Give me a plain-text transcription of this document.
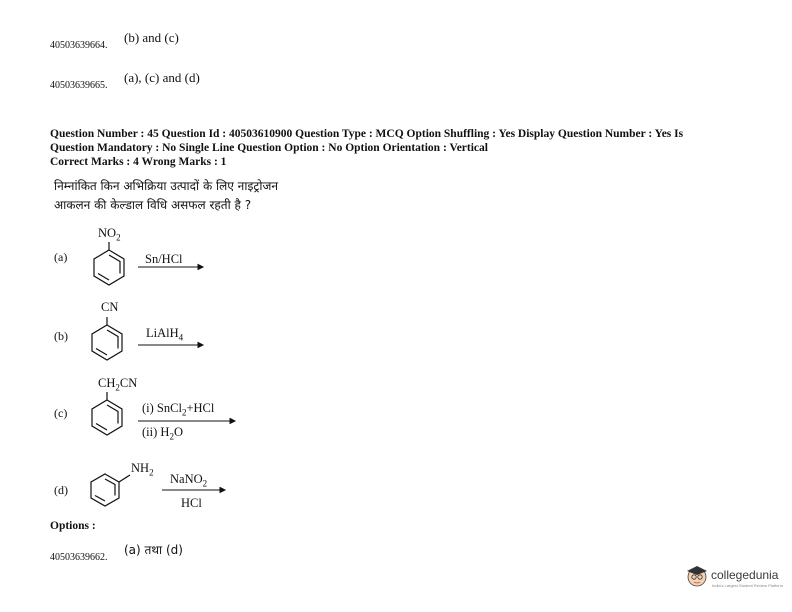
40503639664.
(b) and (c)
40503639665.
(a), (c) and (d)
Question Number : 45 Question Id : 40503610900 Question Type : MCQ Option Shuffling : Yes Display Question Number : Yes Is
Question Mandatory : No Single Line Question Option : No Option Orientation : Vertical
Correct Marks : 4 Wrong Marks : 1
निम्नांकित किन अभिक्रिया उत्पादों के लिए नाइट्रोजन
आकलन की केल्डाल विधि असफल रहती है ?
(a)
$NO_2$
Sn/HCl
(b)
CN
LiAlH$_4$
(c)
$CH_2CN$
(i) SnCl$_2$+HCl
(ii) $H_2O$
(d)
$NH_2$ NaNO$_2$
HCl
Options :
40503639662.
(a) तथा (d)
collegedunia
India's Largest Student Review Platform
